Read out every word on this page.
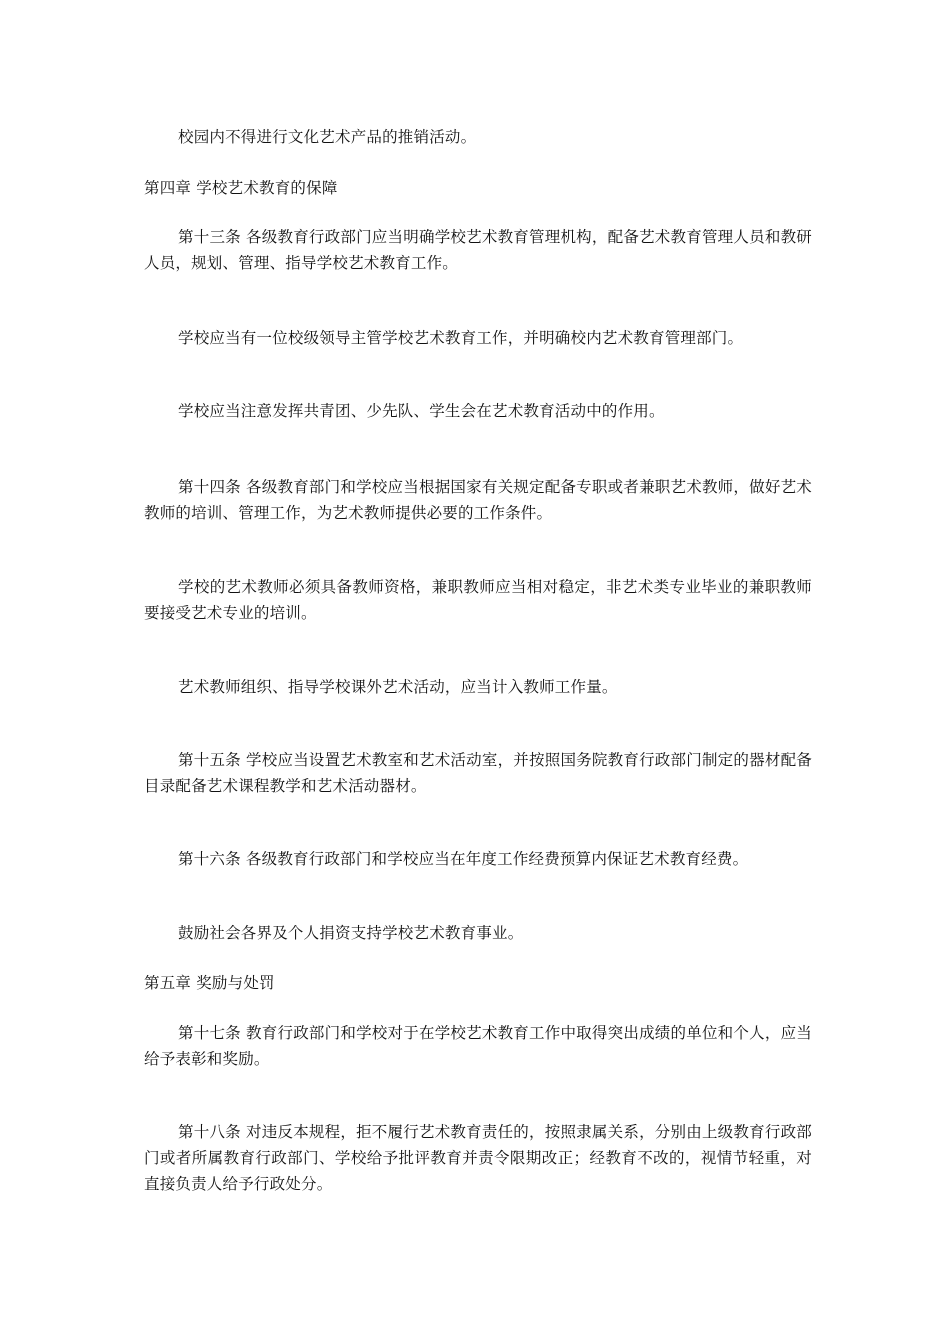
校园内不得进行文化艺术产品的推销活动。

第四章 学校艺术教育的保障

第十三条 各级教育行政部门应当明确学校艺术教育管理机构，配备艺术教育管理人员和教研人员，规划、管理、指导学校艺术教育工作。

学校应当有一位校级领导主管学校艺术教育工作，并明确校内艺术教育管理部门。

学校应当注意发挥共青团、少先队、学生会在艺术教育活动中的作用。

第十四条 各级教育部门和学校应当根据国家有关规定配备专职或者兼职艺术教师，做好艺术教师的培训、管理工作，为艺术教师提供必要的工作条件。

学校的艺术教师必须具备教师资格，兼职教师应当相对稳定，非艺术类专业毕业的兼职教师要接受艺术专业的培训。

艺术教师组织、指导学校课外艺术活动，应当计入教师工作量。

第十五条 学校应当设置艺术教室和艺术活动室，并按照国务院教育行政部门制定的器材配备目录配备艺术课程教学和艺术活动器材。

第十六条 各级教育行政部门和学校应当在年度工作经费预算内保证艺术教育经费。

鼓励社会各界及个人捐资支持学校艺术教育事业。

第五章 奖励与处罚

第十七条 教育行政部门和学校对于在学校艺术教育工作中取得突出成绩的单位和个人，应当给予表彰和奖励。

第十八条 对违反本规程，拒不履行艺术教育责任的，按照隶属关系，分别由上级教育行政部门或者所属教育行政部门、学校给予批评教育并责令限期改正；经教育不改的，视情节轻重，对直接负责人给予行政处分。
